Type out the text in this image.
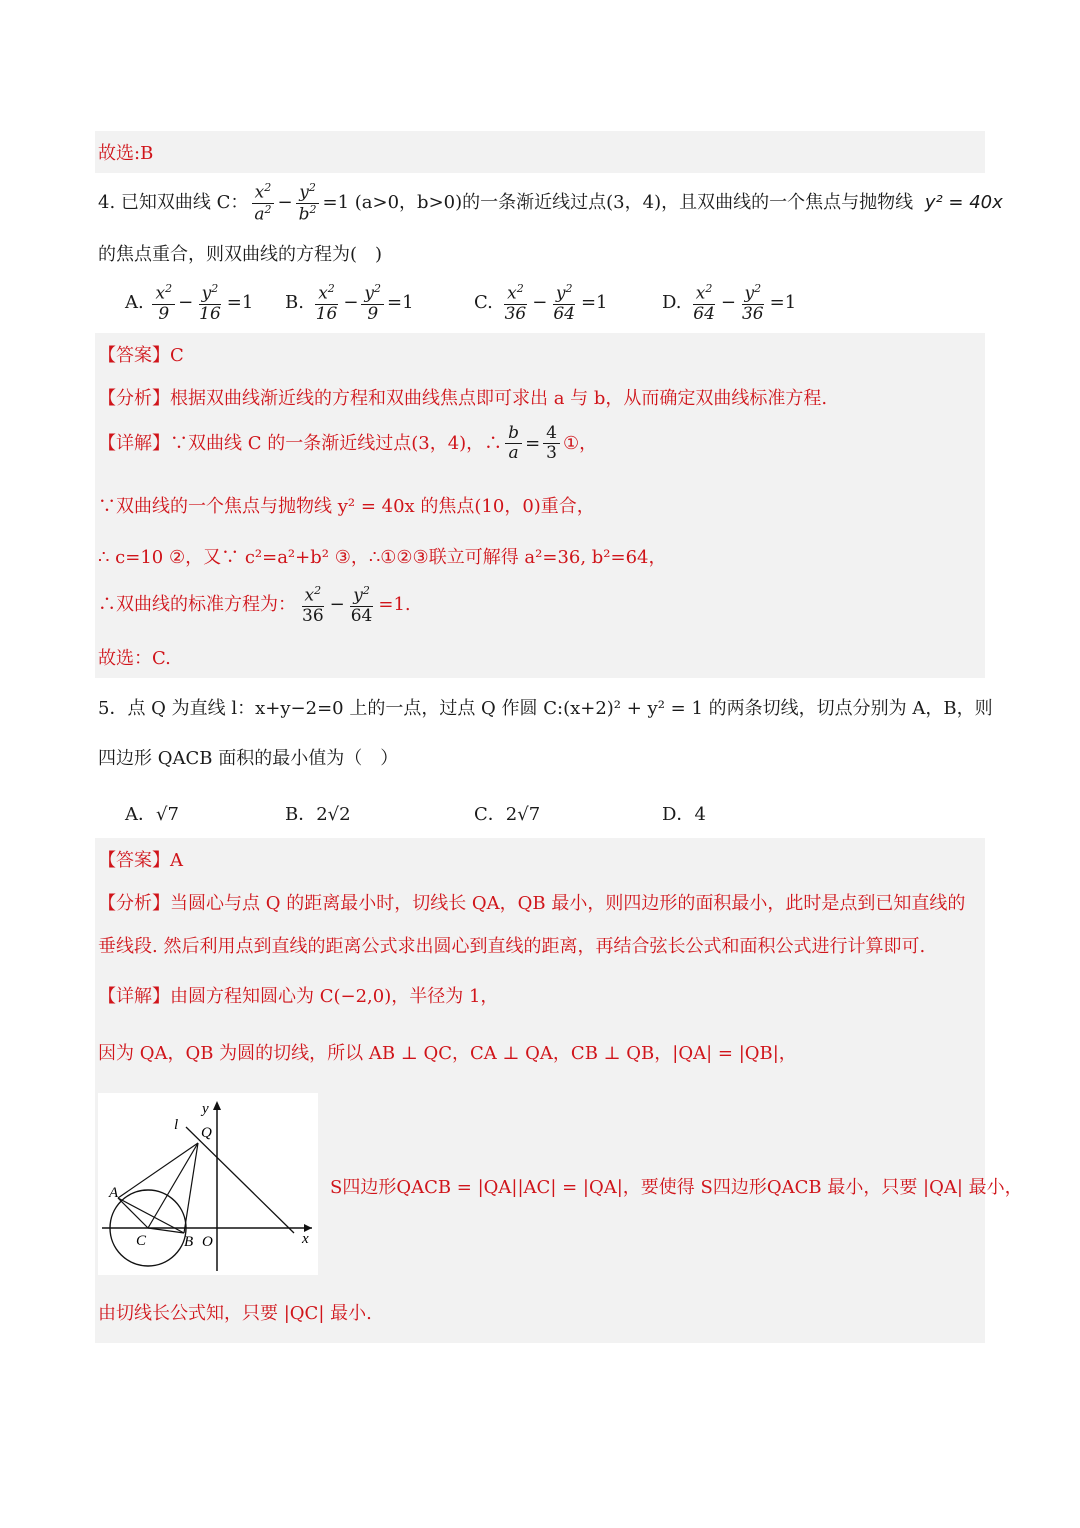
故选:B
4. 已知双曲线 C： $\frac{x^2}{a^2} - \frac{y^2}{b^2} =1$ (a>0，b>0)的一条渐近线过点(3，4)，且双曲线的一个焦点与抛物线 y² = 40x
的焦点重合，则双曲线的方程为(　)
A. $\frac{x^2}{9} - \frac{y^2}{16} =1$ B. $\frac{x^2}{16} - \frac{y^2}{9} =1$	C. $\frac{x^2}{36} - \frac{y^2}{64} =1$	D. $\frac{x^2}{64} - \frac{y^2}{36} =1$
【答案】C
【分析】根据双曲线渐近线的方程和双曲线焦点即可求出 a 与 b，从而确定双曲线标准方程.
【详解】∵双曲线 C 的一条渐近线过点(3，4)，∴ $\frac{b}{a} = \frac{4}{3}$ ①，
∵双曲线的一个焦点与抛物线 y² = 40x 的焦点(10，0)重合，
∴ c=10 ②，又∵ c²=a²+b² ③，∴①②③联立可解得 a²=36, b²=64，
∴双曲线的标准方程为： $\frac{x^2}{36} - \frac{y^2}{64} =1$.
故选：C.
5．点 Q 为直线 l：x+y−2=0 上的一点，过点 Q 作圆 C:(x+2)² + y² = 1 的两条切线，切点分别为 A，B，则
四边形 QACB 面积的最小值为（　）
A．√7	B．2√2	C．2√7	D．4
【答案】A
【分析】当圆心与点 Q 的距离最小时，切线长 QA，QB 最小，则四边形的面积最小，此时是点到已知直线的
垂线段. 然后利用点到直线的距离公式求出圆心到直线的距离，再结合弦长公式和面积公式进行计算即可.
【详解】由圆方程知圆心为 C(−2,0)，半径为 1，
因为 QA，QB 为圆的切线，所以 AB ⊥ QC，CA ⊥ QA，CB ⊥ QB，|QA| = |QB|，
y
l Q
A
C	B O	x
S四边形QACB = |QA||AC| = |QA|，要使得 S四边形QACB 最小，只要 |QA| 最小，
由切线长公式知，只要 |QC| 最小.
